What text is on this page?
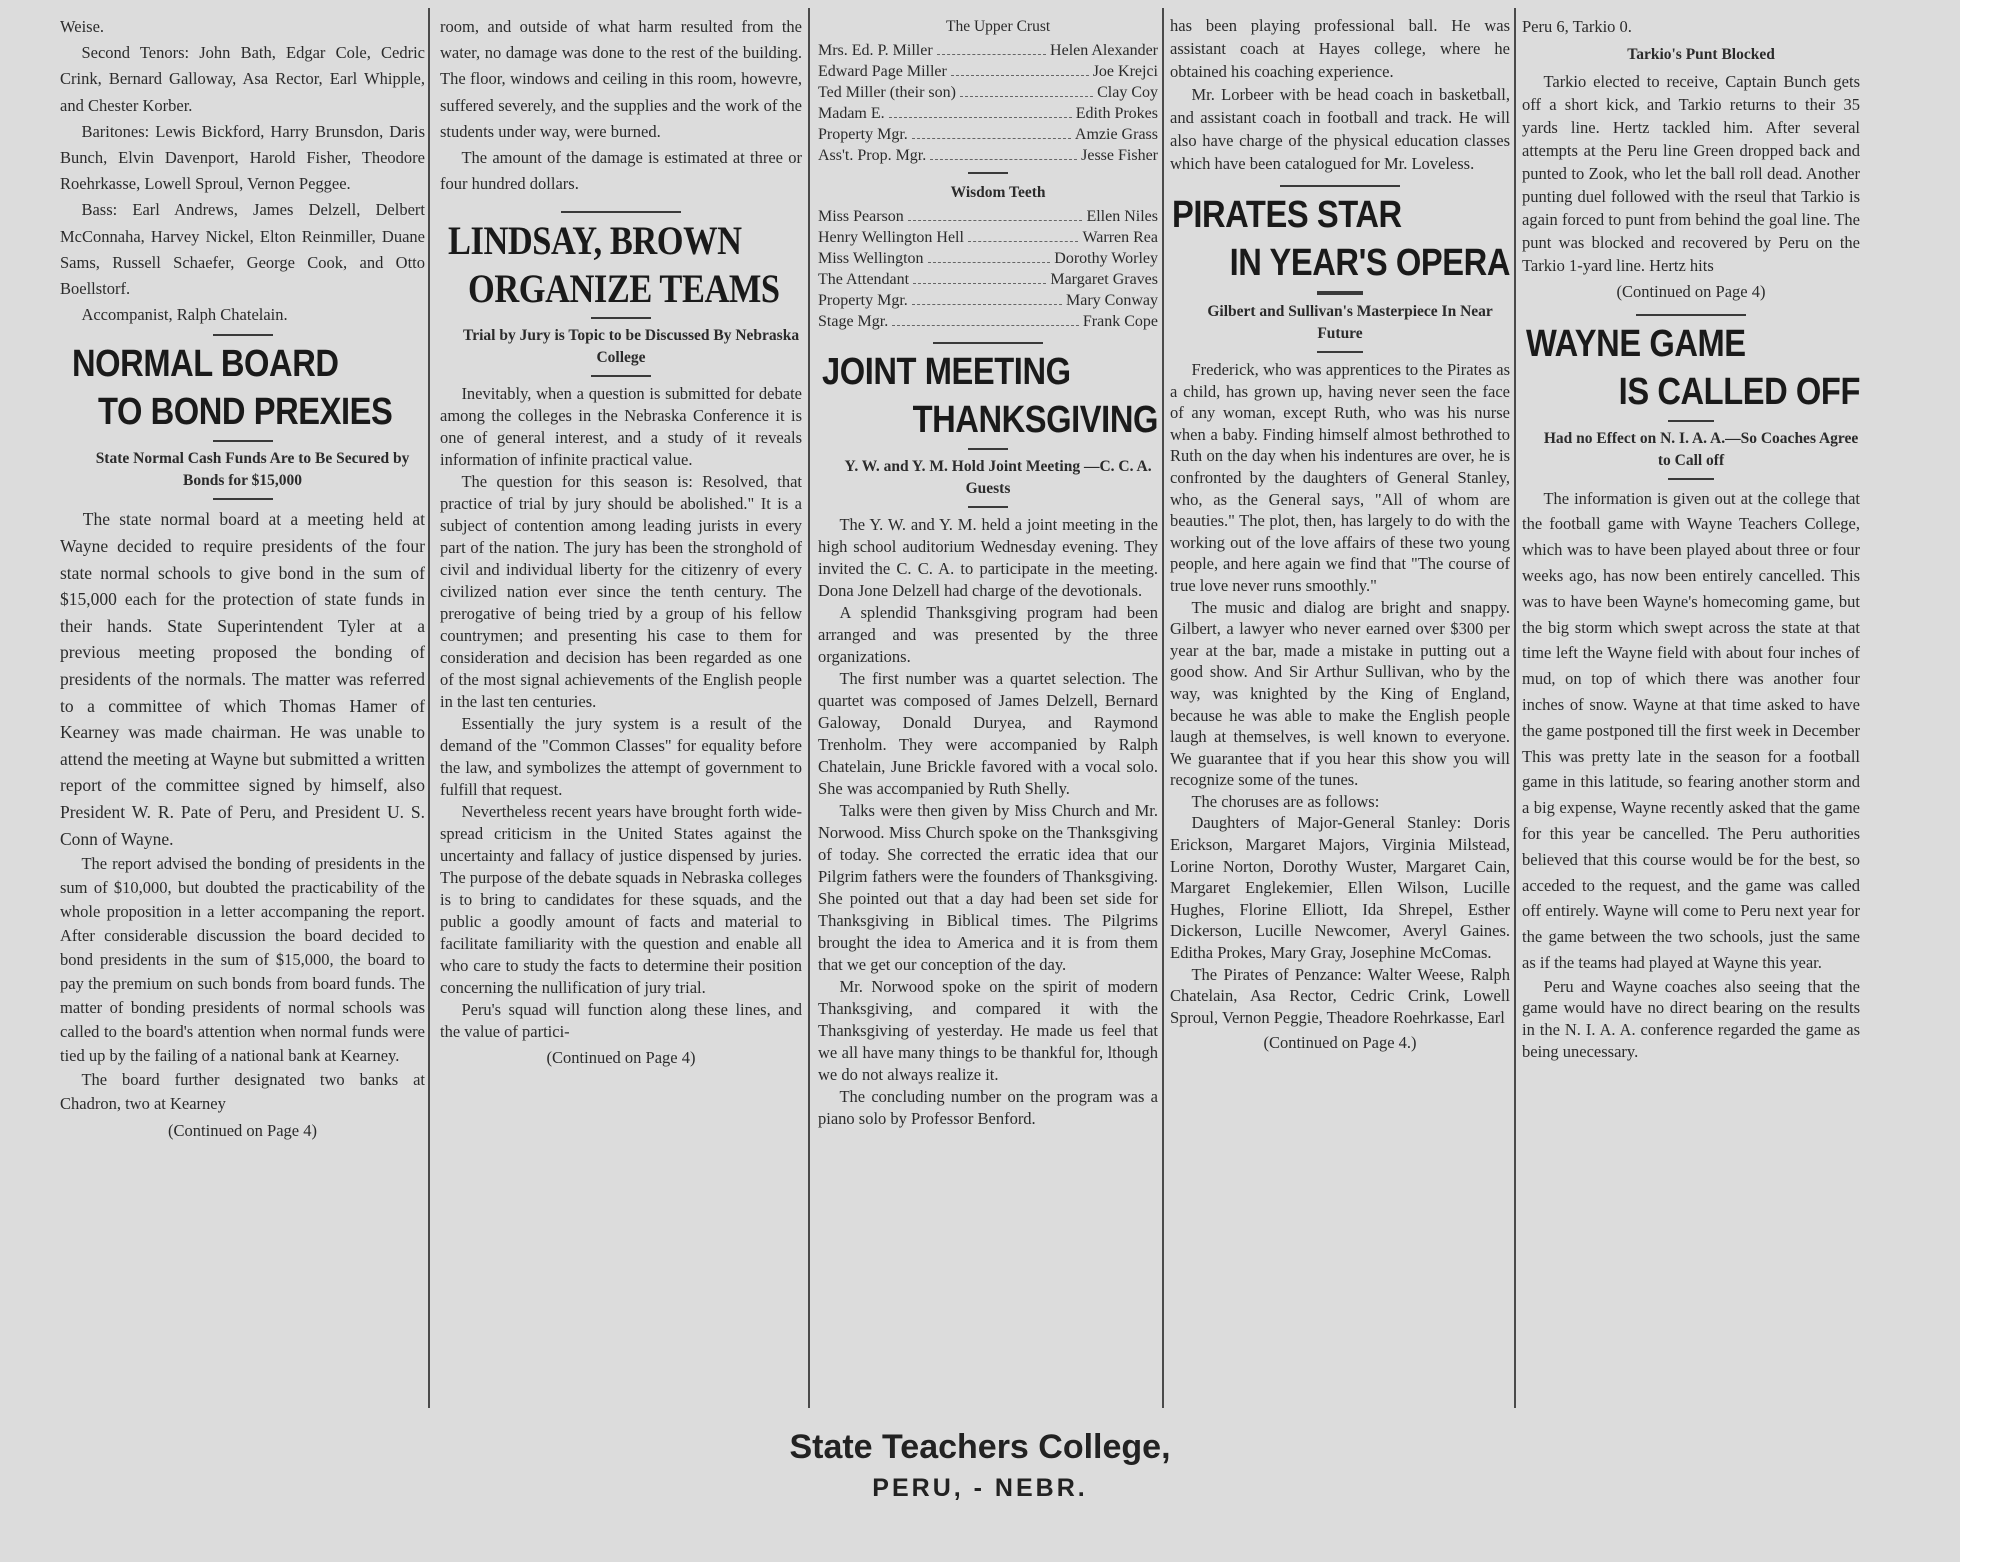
Weise.

Second Tenors: John Bath, Edgar Cole, Cedric Crink, Bernard Galloway, Asa Rector, Earl Whipple, and Chester Korber.

Baritones: Lewis Bickford, Harry Brunsdon, Daris Bunch, Elvin Davenport, Harold Fisher, Theodore Roehrkasse, Lowell Sproul, Vernon Peggee.

Bass: Earl Andrews, James Delzell, Delbert McConnaha, Harvey Nickel, Elton Reinmiller, Duane Sams, Russell Schaefer, George Cook, and Otto Boellstorf.

Accompanist, Ralph Chatelain.

NORMAL BOARD
TO BOND PREXIES

State Normal Cash Funds Are to Be Secured by Bonds for $15,000

The state normal board at a meeting held at Wayne decided to require presidents of the four state normal schools to give bond in the sum of $15,000 each for the protection of state funds in their hands. State Superintendent Tyler at a previous meeting proposed the bonding of presidents of the normals. The matter was referred to a committee of which Thomas Hamer of Kearney was made chairman. He was unable to attend the meeting at Wayne but submitted a written report of the committee signed by himself, also President W. R. Pate of Peru, and President U. S. Conn of Wayne.

The report advised the bonding of presidents in the sum of $10,000, but doubted the practicability of the whole proposition in a letter accompaning the report. After considerable discussion the board decided to bond presidents in the sum of $15,000, the board to pay the premium on such bonds from board funds. The matter of bonding presidents of normal schools was called to the board's attention when normal funds were tied up by the failing of a national bank at Kearney.

The board further designated two banks at Chadron, two at Kearney

(Continued on Page 4)

room, and outside of what harm resulted from the water, no damage was done to the rest of the building. The floor, windows and ceiling in this room, howevre, suffered severely, and the supplies and the work of the students under way, were burned.

The amount of the damage is estimated at three or four hundred dollars.

LINDSAY, BROWN
ORGANIZE TEAMS

Trial by Jury is Topic to be Discussed By Nebraska College

Inevitably, when a question is submitted for debate among the colleges in the Nebraska Conference it is one of general interest, and a study of it reveals information of infinite practical value.

The question for this season is: Resolved, that practice of trial by jury should be abolished." It is a subject of contention among leading jurists in every part of the nation. The jury has been the stronghold of civil and individual liberty for the citizenry of every civilized nation ever since the tenth century. The prerogative of being tried by a group of his fellow countrymen; and presenting his case to them for consideration and decision has been regarded as one of the most signal achievements of the English people in the last ten centuries.

Essentially the jury system is a result of the demand of the "Common Classes" for equality before the law, and symbolizes the attempt of government to fulfill that request.

Nevertheless recent years have brought forth wide-spread criticism in the United States against the uncertainty and fallacy of justice dispensed by juries. The purpose of the debate squads in Nebraska colleges is to bring to candidates for these squads, and the public a goodly amount of facts and material to facilitate familiarity with the question and enable all who care to study the facts to determine their position concerning the nullification of jury trial.

Peru's squad will function along these lines, and the value of partici-

(Continued on Page 4)

The Upper Crust

Mrs. Ed. P. Miller	Helen Alexander
Edward Page Miller	Joe Krejci
Ted Miller (their son)	Clay Coy
Madam E.	Edith Prokes
Property Mgr.	Amzie Grass
Ass't. Prop. Mgr.	Jesse Fisher

Wisdom Teeth

Miss Pearson	Ellen Niles
Henry Wellington Hell	Warren Rea
Miss Wellington	Dorothy Worley
The Attendant	Margaret Graves
Property Mgr.	Mary Conway
Stage Mgr.	Frank Cope
JOINT MEETING
THANKSGIVING

Y. W. and Y. M. Hold Joint Meeting —C. C. A. Guests

The Y. W. and Y. M. held a joint meeting in the high school auditorium Wednesday evening. They invited the C. C. A. to participate in the meeting. Dona Jone Delzell had charge of the devotionals.

A splendid Thanksgiving program had been arranged and was presented by the three organizations.

The first number was a quartet selection. The quartet was composed of James Delzell, Bernard Galoway, Donald Duryea, and Raymond Trenholm. They were accompanied by Ralph Chatelain, June Brickle favored with a vocal solo. She was accompanied by Ruth Shelly.

Talks were then given by Miss Church and Mr. Norwood. Miss Church spoke on the Thanksgiving of today. She corrected the erratic idea that our Pilgrim fathers were the founders of Thanksgiving. She pointed out that a day had been set side for Thanksgiving in Biblical times. The Pilgrims brought the idea to America and it is from them that we get our conception of the day.

Mr. Norwood spoke on the spirit of modern Thanksgiving, and compared it with the Thanksgiving of yesterday. He made us feel that we all have many things to be thankful for, lthough we do not always realize it.

The concluding number on the program was a piano solo by Professor Benford.

has been playing professional ball. He was assistant coach at Hayes college, where he obtained his coaching experience.

Mr. Lorbeer with be head coach in basketball, and assistant coach in football and track. He will also have charge of the physical education classes which have been catalogued for Mr. Loveless.

PIRATES STAR
IN YEAR'S OPERA

Gilbert and Sullivan's Masterpiece In Near Future

Frederick, who was apprentices to the Pirates as a child, has grown up, having never seen the face of any woman, except Ruth, who was his nurse when a baby. Finding himself almost bethrothed to Ruth on the day when his indentures are over, he is confronted by the daughters of General Stanley, who, as the General says, "All of whom are beauties." The plot, then, has largely to do with the working out of the love affairs of these two young people, and here again we find that "The course of true love never runs smoothly."

The music and dialog are bright and snappy. Gilbert, a lawyer who never earned over $300 per year at the bar, made a mistake in putting out a good show. And Sir Arthur Sullivan, who by the way, was knighted by the King of England, because he was able to make the English people laugh at themselves, is well known to everyone. We guarantee that if you hear this show you will recognize some of the tunes.

The choruses are as follows:

Daughters of Major-General Stanley: Doris Erickson, Margaret Majors, Virginia Milstead, Lorine Norton, Dorothy Wuster, Margaret Cain, Margaret Englekemier, Ellen Wilson, Lucille Hughes, Florine Elliott, Ida Shrepel, Esther Dickerson, Lucille Newcomer, Averyl Gaines. Editha Prokes, Mary Gray, Josephine McComas.

The Pirates of Penzance: Walter Weese, Ralph Chatelain, Asa Rector, Cedric Crink, Lowell Sproul, Vernon Peggie, Theadore Roehrkasse, Earl

(Continued on Page 4.)

Peru 6, Tarkio 0.

Tarkio's Punt Blocked

Tarkio elected to receive, Captain Bunch gets off a short kick, and Tarkio returns to their 35 yards line. Hertz tackled him. After several attempts at the Peru line Green dropped back and punted to Zook, who let the ball roll dead. Another punting duel followed with the rseul that Tarkio is again forced to punt from behind the goal line. The punt was blocked and recovered by Peru on the Tarkio 1-yard line. Hertz hits

(Continued on Page 4)

WAYNE GAME
IS CALLED OFF

Had no Effect on N. I. A. A.—So Coaches Agree to Call off

The information is given out at the college that the football game with Wayne Teachers College, which was to have been played about three or four weeks ago, has now been entirely cancelled. This was to have been Wayne's homecoming game, but the big storm which swept across the state at that time left the Wayne field with about four inches of mud, on top of which there was another four inches of snow. Wayne at that time asked to have the game postponed till the first week in December This was pretty late in the season for a football game in this latitude, so fearing another storm and a big expense, Wayne recently asked that the game for this year be cancelled. The Peru authorities believed that this course would be for the best, so acceded to the request, and the game was called off entirely. Wayne will come to Peru next year for the game between the two schools, just the same as if the teams had played at Wayne this year.

Peru and Wayne coaches also seeing that the game would have no direct bearing on the results in the N. I. A. A. conference regarded the game as being unecessary.

State Teachers College,
PERU, - NEBR.
